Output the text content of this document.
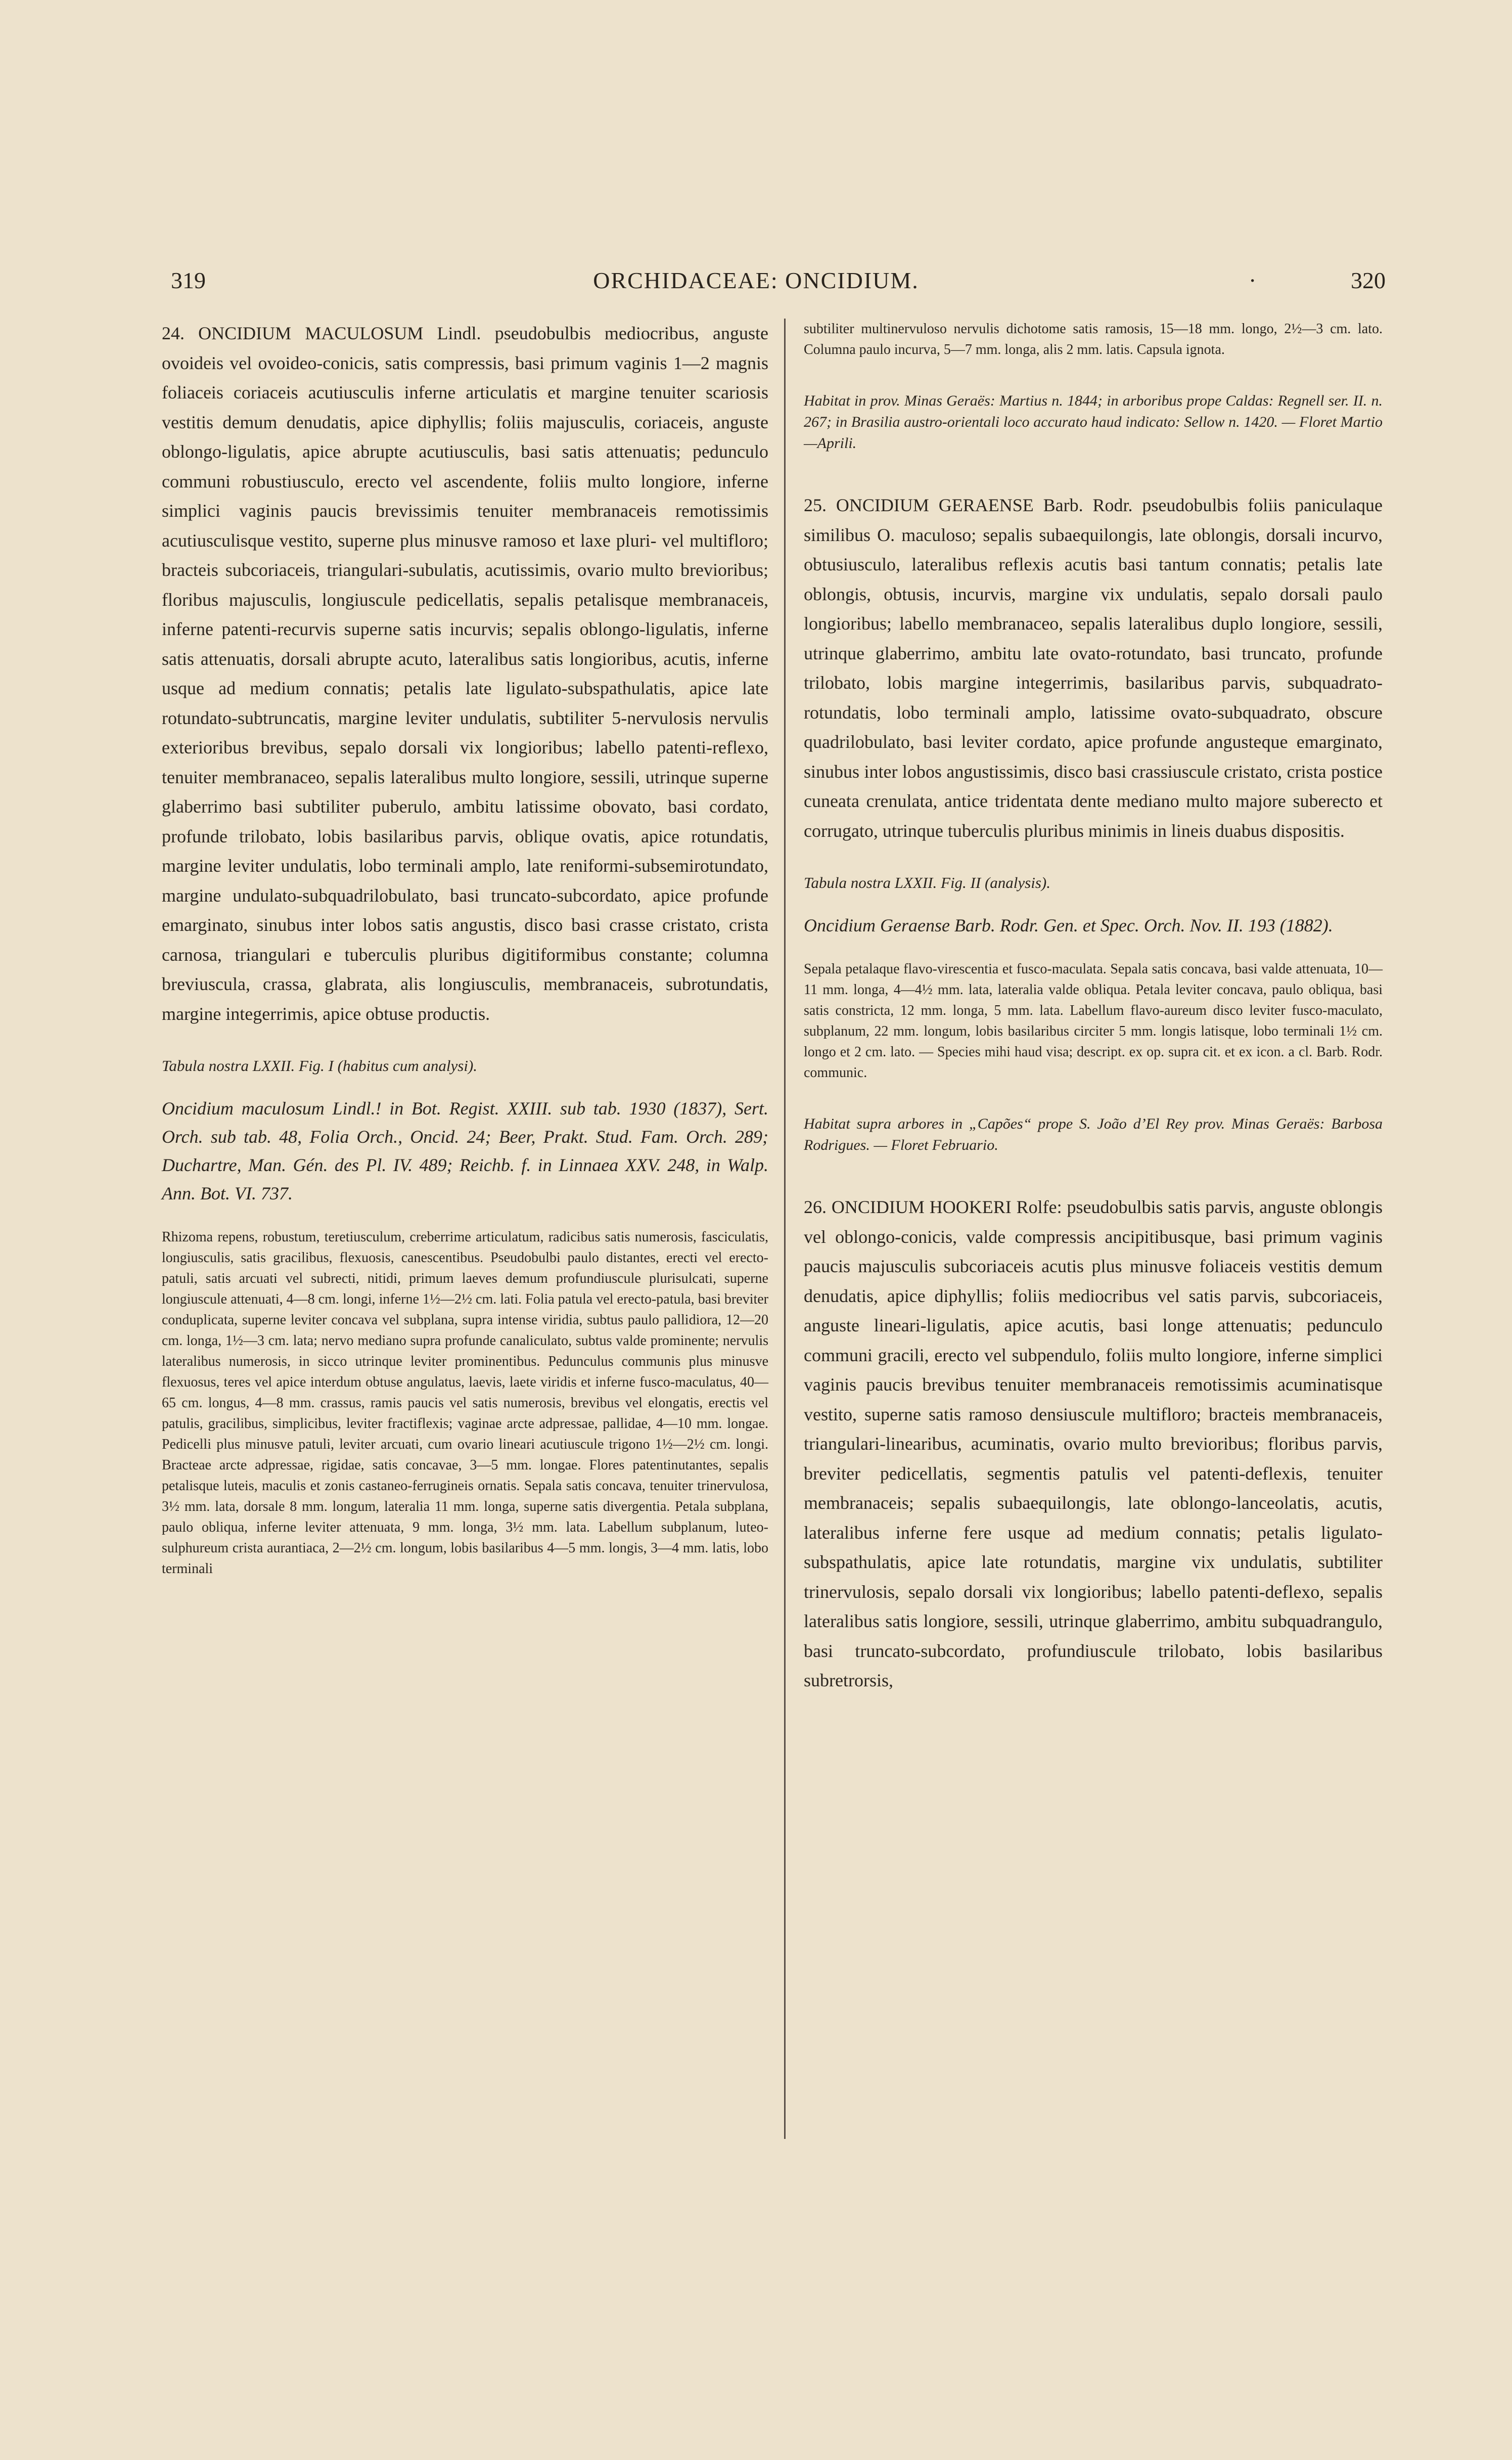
319	ORCHIDACEAE: ONCIDIUM.	·	320

24. ONCIDIUM MACULOSUM Lindl. pseudobulbis mediocribus, anguste ovoideis vel ovoideo-conicis, satis compressis, basi primum vaginis 1—2 magnis foliaceis coriaceis acutiusculis inferne articulatis et margine tenuiter scariosis vestitis demum denudatis, apice diphyllis; foliis majusculis, coriaceis, anguste oblongo-ligulatis, apice abrupte acutiusculis, basi satis attenuatis; pedunculo communi robustiusculo, erecto vel ascendente, foliis multo longiore, inferne simplici vaginis paucis brevissimis tenuiter membranaceis remotissimis acutiusculisque vestito, superne plus minusve ramoso et laxe pluri- vel multifloro; bracteis subcoriaceis, triangulari-subulatis, acutissimis, ovario multo brevioribus; floribus majusculis, longiuscule pedicellatis, sepalis petalisque membranaceis, inferne patenti-recurvis superne satis incurvis; sepalis oblongo-ligulatis, inferne satis attenuatis, dorsali abrupte acuto, lateralibus satis longioribus, acutis, inferne usque ad medium connatis; petalis late ligulato-subspathulatis, apice late rotundato-subtruncatis, margine leviter undulatis, subtiliter 5-nervulosis nervulis exterioribus brevibus, sepalo dorsali vix longioribus; labello patenti-reflexo, tenuiter membranaceo, sepalis lateralibus multo longiore, sessili, utrinque superne glaberrimo basi subtiliter puberulo, ambitu latissime obovato, basi cordato, profunde trilobato, lobis basilaribus parvis, oblique ovatis, apice rotundatis, margine leviter undulatis, lobo terminali amplo, late reniformi-subsemirotundato, margine undulato-subquadrilobulato, basi truncato-subcordato, apice profunde emarginato, sinubus inter lobos satis angustis, disco basi crasse cristato, crista carnosa, triangulari e tuberculis pluribus digitiformibus constante; columna breviuscula, crassa, glabrata, alis longiusculis, membranaceis, subrotundatis, margine integerrimis, apice obtuse productis.

Tabula nostra LXXII. Fig. I (habitus cum analysi).

Oncidium maculosum Lindl.! in Bot. Regist. XXIII. sub tab. 1930 (1837), Sert. Orch. sub tab. 48, Folia Orch., Oncid. 24; Beer, Prakt. Stud. Fam. Orch. 289; Duchartre, Man. Gén. des Pl. IV. 489; Reichb. f. in Linnaea XXV. 248, in Walp. Ann. Bot. VI. 737.

Rhizoma repens, robustum, teretiusculum, creberrime articulatum, radicibus satis numerosis, fasciculatis, longiusculis, satis gracilibus, flexuosis, canescentibus. Pseudobulbi paulo distantes, erecti vel erecto-patuli, satis arcuati vel subrecti, nitidi, primum laeves demum profundiuscule plurisulcati, superne longiuscule attenuati, 4—8 cm. longi, inferne 1½—2½ cm. lati. Folia patula vel erecto-patula, basi breviter conduplicata, superne leviter concava vel subplana, supra intense viridia, subtus paulo pallidiora, 12—20 cm. longa, 1½—3 cm. lata; nervo mediano supra profunde canaliculato, subtus valde prominente; nervulis lateralibus numerosis, in sicco utrinque leviter prominentibus. Pedunculus communis plus minusve flexuosus, teres vel apice interdum obtuse angulatus, laevis, laete viridis et inferne fusco-maculatus, 40—65 cm. longus, 4—8 mm. crassus, ramis paucis vel satis numerosis, brevibus vel elongatis, erectis vel patulis, gracilibus, simplicibus, leviter fractiflexis; vaginae arcte adpressae, pallidae, 4—10 mm. longae. Pedicelli plus minusve patuli, leviter arcuati, cum ovario lineari acutiuscule trigono 1½—2½ cm. longi. Bracteae arcte adpressae, rigidae, satis concavae, 3—5 mm. longae. Flores patentinutantes, sepalis petalisque luteis, maculis et zonis castaneo-ferrugineis ornatis. Sepala satis concava, tenuiter trinervulosa, 3½ mm. lata, dorsale 8 mm. longum, lateralia 11 mm. longa, superne satis divergentia. Petala subplana, paulo obliqua, inferne leviter attenuata, 9 mm. longa, 3½ mm. lata. Labellum subplanum, luteo-sulphureum crista aurantiaca, 2—2½ cm. longum, lobis basilaribus 4—5 mm. longis, 3—4 mm. latis, lobo terminali

subtiliter multinervuloso nervulis dichotome satis ramosis, 15—18 mm. longo, 2½—3 cm. lato. Columna paulo incurva, 5—7 mm. longa, alis 2 mm. latis. Capsula ignota.

Habitat in prov. Minas Geraës: Martius n. 1844; in arboribus prope Caldas: Regnell ser. II. n. 267; in Brasilia austro-orientali loco accurato haud indicato: Sellow n. 1420. — Floret Martio—Aprili.

25. ONCIDIUM GERAENSE Barb. Rodr. pseudobulbis foliis paniculaque similibus O. maculoso; sepalis subaequilongis, late oblongis, dorsali incurvo, obtusiusculo, lateralibus reflexis acutis basi tantum connatis; petalis late oblongis, obtusis, incurvis, margine vix undulatis, sepalo dorsali paulo longioribus; labello membranaceo, sepalis lateralibus duplo longiore, sessili, utrinque glaberrimo, ambitu late ovato-rotundato, basi truncato, profunde trilobato, lobis margine integerrimis, basilaribus parvis, subquadrato-rotundatis, lobo terminali amplo, latissime ovato-subquadrato, obscure quadrilobulato, basi leviter cordato, apice profunde angusteque emarginato, sinubus inter lobos angustissimis, disco basi crassiuscule cristato, crista postice cuneata crenulata, antice tridentata dente mediano multo majore suberecto et corrugato, utrinque tuberculis pluribus minimis in lineis duabus dispositis.

Tabula nostra LXXII. Fig. II (analysis).

Oncidium Geraense Barb. Rodr. Gen. et Spec. Orch. Nov. II. 193 (1882).

Sepala petalaque flavo-virescentia et fusco-maculata. Sepala satis concava, basi valde attenuata, 10—11 mm. longa, 4—4½ mm. lata, lateralia valde obliqua. Petala leviter concava, paulo obliqua, basi satis constricta, 12 mm. longa, 5 mm. lata. Labellum flavo-aureum disco leviter fusco-maculato, subplanum, 22 mm. longum, lobis basilaribus circiter 5 mm. longis latisque, lobo terminali 1½ cm. longo et 2 cm. lato. — Species mihi haud visa; descript. ex op. supra cit. et ex icon. a cl. Barb. Rodr. communic.

Habitat supra arbores in „Capões“ prope S. João d’El Rey prov. Minas Geraës: Barbosa Rodrigues. — Floret Februario.

26. ONCIDIUM HOOKERI Rolfe: pseudobulbis satis parvis, anguste oblongis vel oblongo-conicis, valde compressis ancipitibusque, basi primum vaginis paucis majusculis subcoriaceis acutis plus minusve foliaceis vestitis demum denudatis, apice diphyllis; foliis mediocribus vel satis parvis, subcoriaceis, anguste lineari-ligulatis, apice acutis, basi longe attenuatis; pedunculo communi gracili, erecto vel subpendulo, foliis multo longiore, inferne simplici vaginis paucis brevibus tenuiter membranaceis remotissimis acuminatisque vestito, superne satis ramoso densiuscule multifloro; bracteis membranaceis, triangulari-linearibus, acuminatis, ovario multo brevioribus; floribus parvis, breviter pedicellatis, segmentis patulis vel patenti-deflexis, tenuiter membranaceis; sepalis subaequilongis, late oblongo-lanceolatis, acutis, lateralibus inferne fere usque ad medium connatis; petalis ligulato-subspathulatis, apice late rotundatis, margine vix undulatis, subtiliter trinervulosis, sepalo dorsali vix longioribus; labello patenti-deflexo, sepalis lateralibus satis longiore, sessili, utrinque glaberrimo, ambitu subquadrangulo, basi truncato-subcordato, profundiuscule trilobato, lobis basilaribus subretrorsis,
